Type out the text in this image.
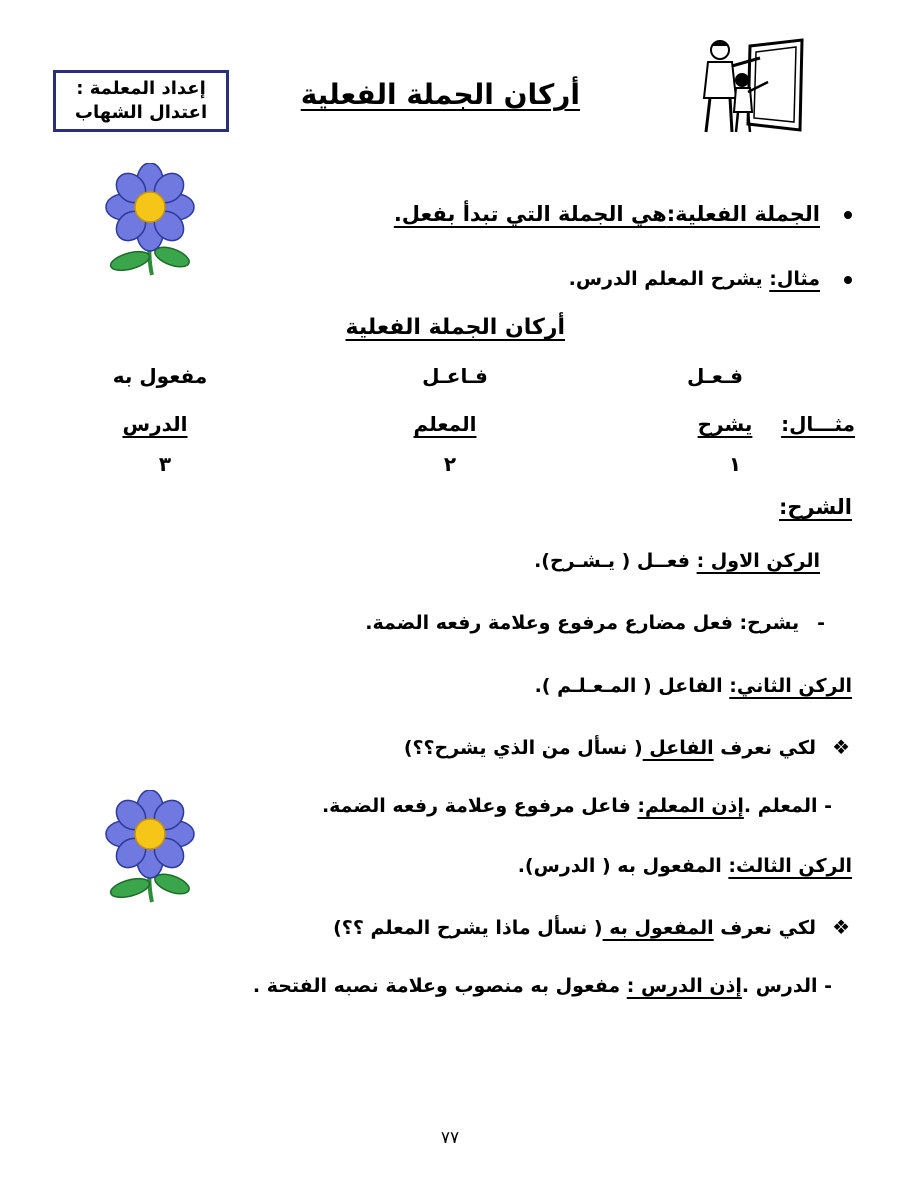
إعداد المعلمة :
اعتدال الشهاب
أركان الجملة الفعلية
الجملة الفعلية:هي الجملة التي تبدأ بفعل.
مثال: يشرح المعلم الدرس.
أركان الجملة الفعلية
فـعـل
فـاعـل
مفعول به
مثـــال:
يشرح
المعلم
الدرس
١
٢
٣
الشرح:
الركن الاول : فعــل ( يـشـرح).
-يشرح: فعل مضارع مرفوع وعلامة رفعه الضمة.
الركن الثاني: الفاعل ( المـعـلـم ).
❖لكي نعرف الفاعل ( نسأل من الذي يشرح؟؟)
- المعلم .إذن المعلم: فاعل مرفوع وعلامة رفعه الضمة.
الركن الثالث: المفعول به ( الدرس).
❖لكي نعرف المفعول به ( نسأل ماذا يشرح المعلم ؟؟)
- الدرس .إذن الدرس : مفعول به منصوب وعلامة نصبه الفتحة .
٧٧
